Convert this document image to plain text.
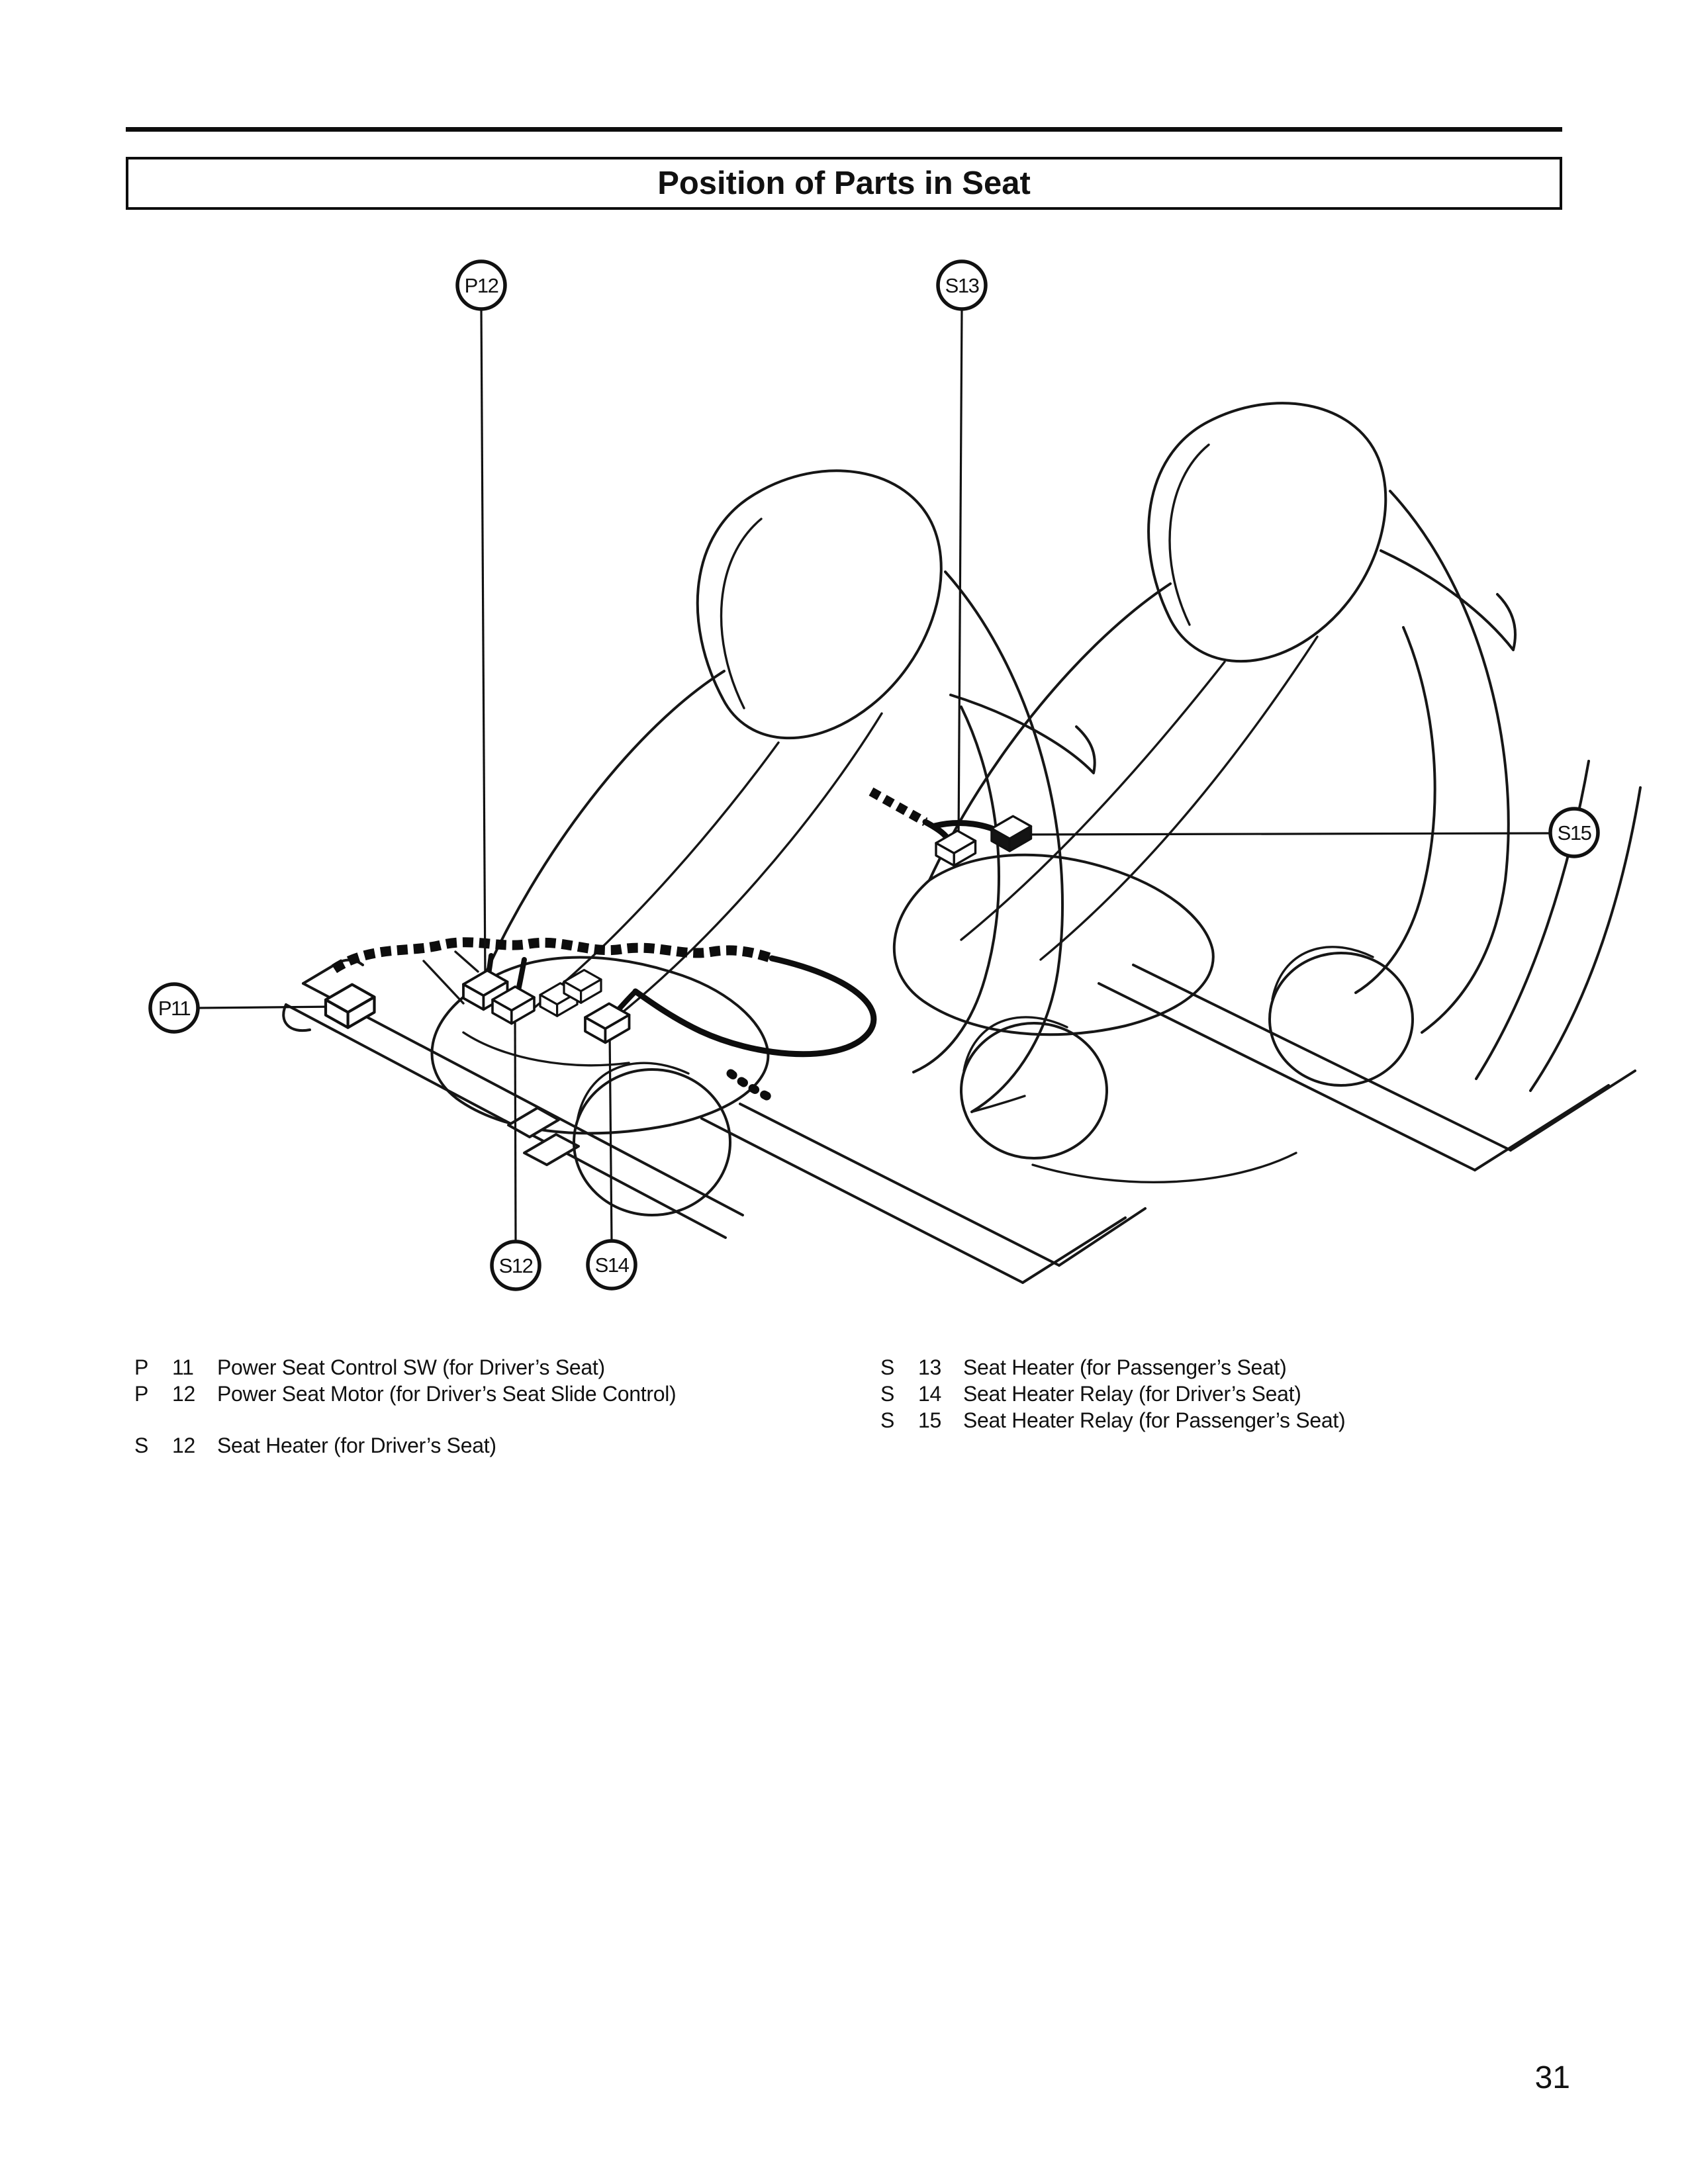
Position of Parts in Seat
P12	S13
P11
S15
S12	S14
P	11	Power Seat Control SW (for Driver’s Seat)
P	12	Power Seat Motor (for Driver’s Seat Slide Control)
S	12	Seat Heater (for Driver’s Seat)
S	13	Seat Heater (for Passenger’s Seat)
S	14	Seat Heater Relay (for Driver’s Seat)
S	15	Seat Heater Relay (for Passenger’s Seat)
31
